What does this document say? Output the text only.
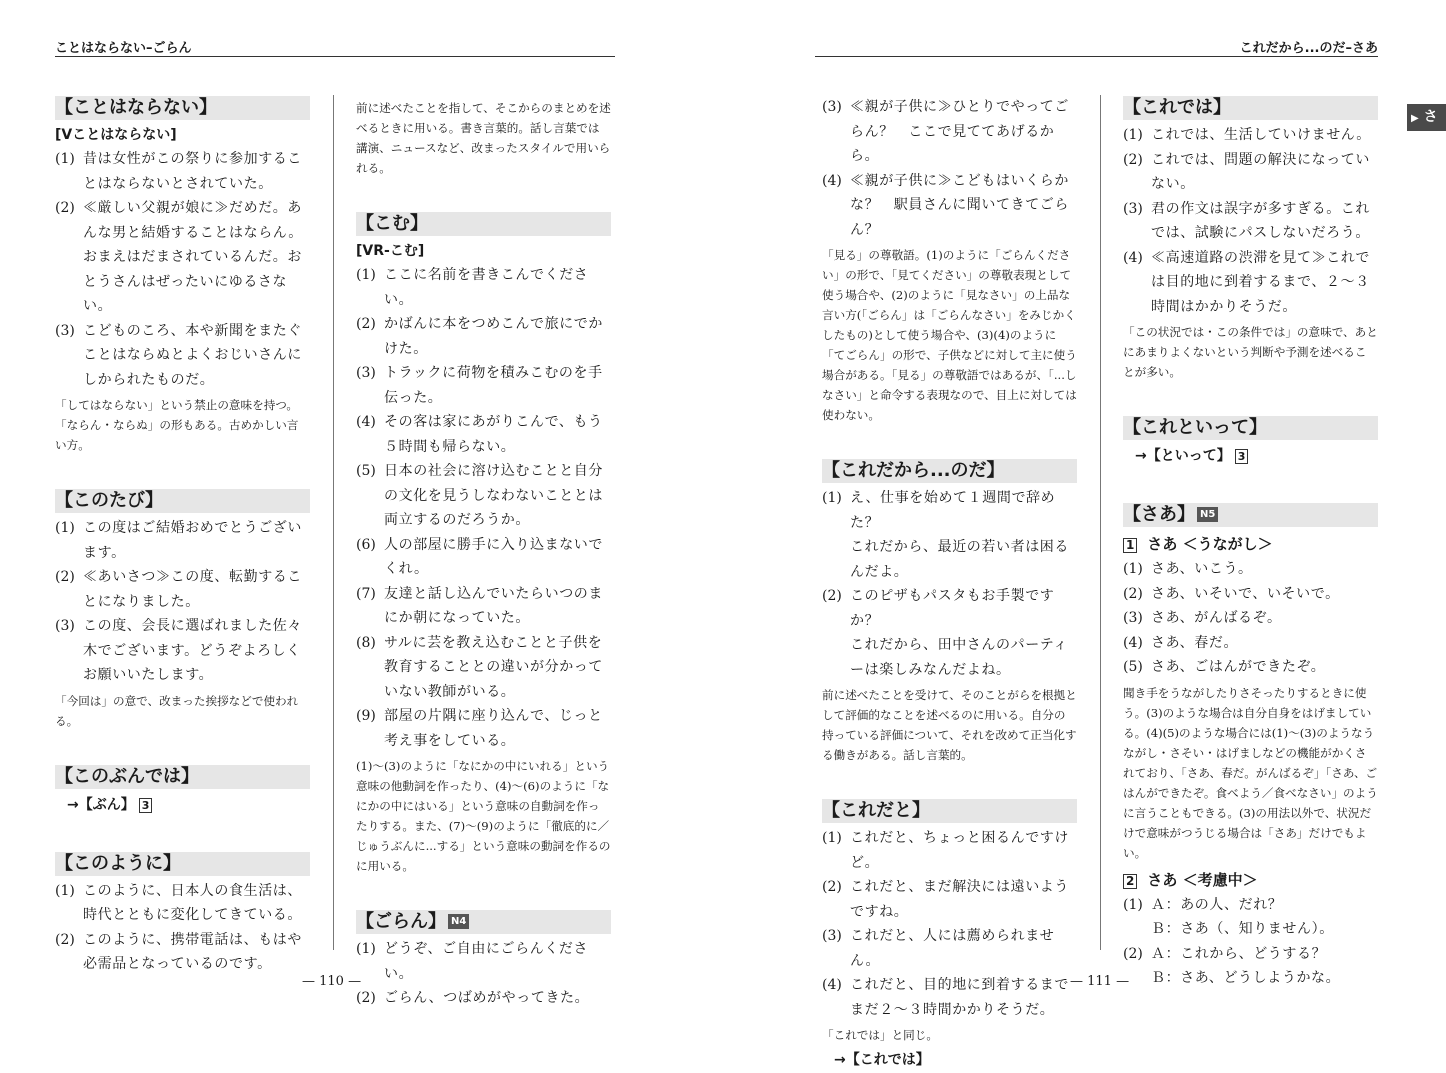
ことはならない–ごらん	これだから...のだ–さあ
— 110 —	— 111 —
▶ さ
【ことはならない】
[Vことはならない]
(1) 昔は女性がこの祭りに参加することはならないとされていた。
(2) ≪厳しい父親が娘に≫だめだ。あんな男と結婚することはならん。おまえはだまされているんだ。おとうさんはぜったいにゆるさない。
(3) こどものころ、本や新聞をまたぐことはならぬとよくおじいさんにしかられたものだ。
「してはならない」という禁止の意味を持つ。「ならん・ならぬ」の形もある。古めかしい言い方。
【このたび】
(1) この度はご結婚おめでとうございます。
(2) ≪あいさつ≫この度、転勤することになりました。
(3) この度、会長に選ばれました佐々木でございます。どうぞよろしくお願いいたします。
「今回は」の意で、改まった挨拶などで使われる。
【このぶんでは】
→【ぶん】 3
【このように】
(1) このように、日本人の食生活は、時代とともに変化してきている。
(2) このように、携帯電話は、もはや必需品となっているのです。
前に述べたことを指して、そこからのまとめを述べるときに用いる。書き言葉的。話し言葉では講演、ニュースなど、改まったスタイルで用いられる。
【こむ】
[VR-こむ]
(1) ここに名前を書きこんでください。
(2) かばんに本をつめこんで旅にでかけた。
(3) トラックに荷物を積みこむのを手伝った。
(4) その客は家にあがりこんで、もう５時間も帰らない。
(5) 日本の社会に溶け込むことと自分の文化を見うしなわないこととは両立するのだろうか。
(6) 人の部屋に勝手に入り込まないでくれ。
(7) 友達と話し込んでいたらいつのまにか朝になっていた。
(8) サルに芸を教え込むことと子供を教育することとの違いが分かっていない教師がいる。
(9) 部屋の片隅に座り込んで、じっと考え事をしている。
(1)～(3)のように「なにかの中にいれる」という意味の他動詞を作ったり、(4)～(6)のように「なにかの中にはいる」という意味の自動詞を作ったりする。また、(7)～(9)のように「徹底的に／じゅうぶんに...する」という意味の動詞を作るのに用いる。
【ごらん】 N4
(1) どうぞ、ご自由にごらんください。
(2) ごらん、つばめがやってきた。
(3) ≪親が子供に≫ひとりでやってごらん？　ここで見ててあげるから。
(4) ≪親が子供に≫こどもはいくらかな？　駅員さんに聞いてきてごらん？
「見る」の尊敬語。(1)のように「ごらんください」の形で、「見てください」の尊敬表現として使う場合や、(2)のように「見なさい」の上品な言い方(「ごらん」は「ごらんなさい」をみじかくしたもの)として使う場合や、(3)(4)のように「てごらん」の形で、子供などに対して主に使う場合がある。「見る」の尊敬語ではあるが、「...しなさい」と命令する表現なので、目上に対しては使わない。
【これだから...のだ】
(1) え、仕事を始めて１週間で辞めた？
これだから、最近の若い者は困るんだよ。
(2) このピザもパスタもお手製ですか？
これだから、田中さんのパーティーは楽しみなんだよね。
前に述べたことを受けて、そのことがらを根拠として評価的なことを述べるのに用いる。自分の持っている評価について、それを改めて正当化する働きがある。話し言葉的。
【これだと】
(1) これだと、ちょっと困るんですけど。
(2) これだと、まだ解決には遠いようですね。
(3) これだと、人には薦められません。
(4) これだと、目的地に到着するまでまだ２～３時間かかりそうだ。
「これでは」と同じ。
→【これでは】
【これでは】
(1) これでは、生活していけません。
(2) これでは、問題の解決になっていない。
(3) 君の作文は誤字が多すぎる。これでは、試験にパスしないだろう。
(4) ≪高速道路の渋滞を見て≫これでは目的地に到着するまで、２～３時間はかかりそうだ。
「この状況では・この条件では」の意味で、あとにあまりよくないという判断や予測を述べることが多い。
【これといって】
→【といって】 3
【さあ】 N5
1 さあ ＜うながし＞
(1) さあ、いこう。
(2) さあ、いそいで、いそいで。
(3) さあ、がんばるぞ。
(4) さあ、春だ。
(5) さあ、ごはんができたぞ。
聞き手をうながしたりさそったりするときに使う。(3)のような場合は自分自身をはげましている。(4)(5)のような場合には(1)～(3)のようなうながし・さそい・はげましなどの機能がかくされており、「さあ、春だ。がんばるぞ」「さあ、ごはんができたぞ。食べよう／食べなさい」のように言うこともできる。(3)の用法以外で、状況だけで意味がつうじる場合は「さあ」だけでもよい。
2 さあ ＜考慮中＞
(1) Ａ：あの人、だれ？
Ｂ：さあ（、知りません）。
(2) Ａ：これから、どうする？
Ｂ：さあ、どうしようかな。
